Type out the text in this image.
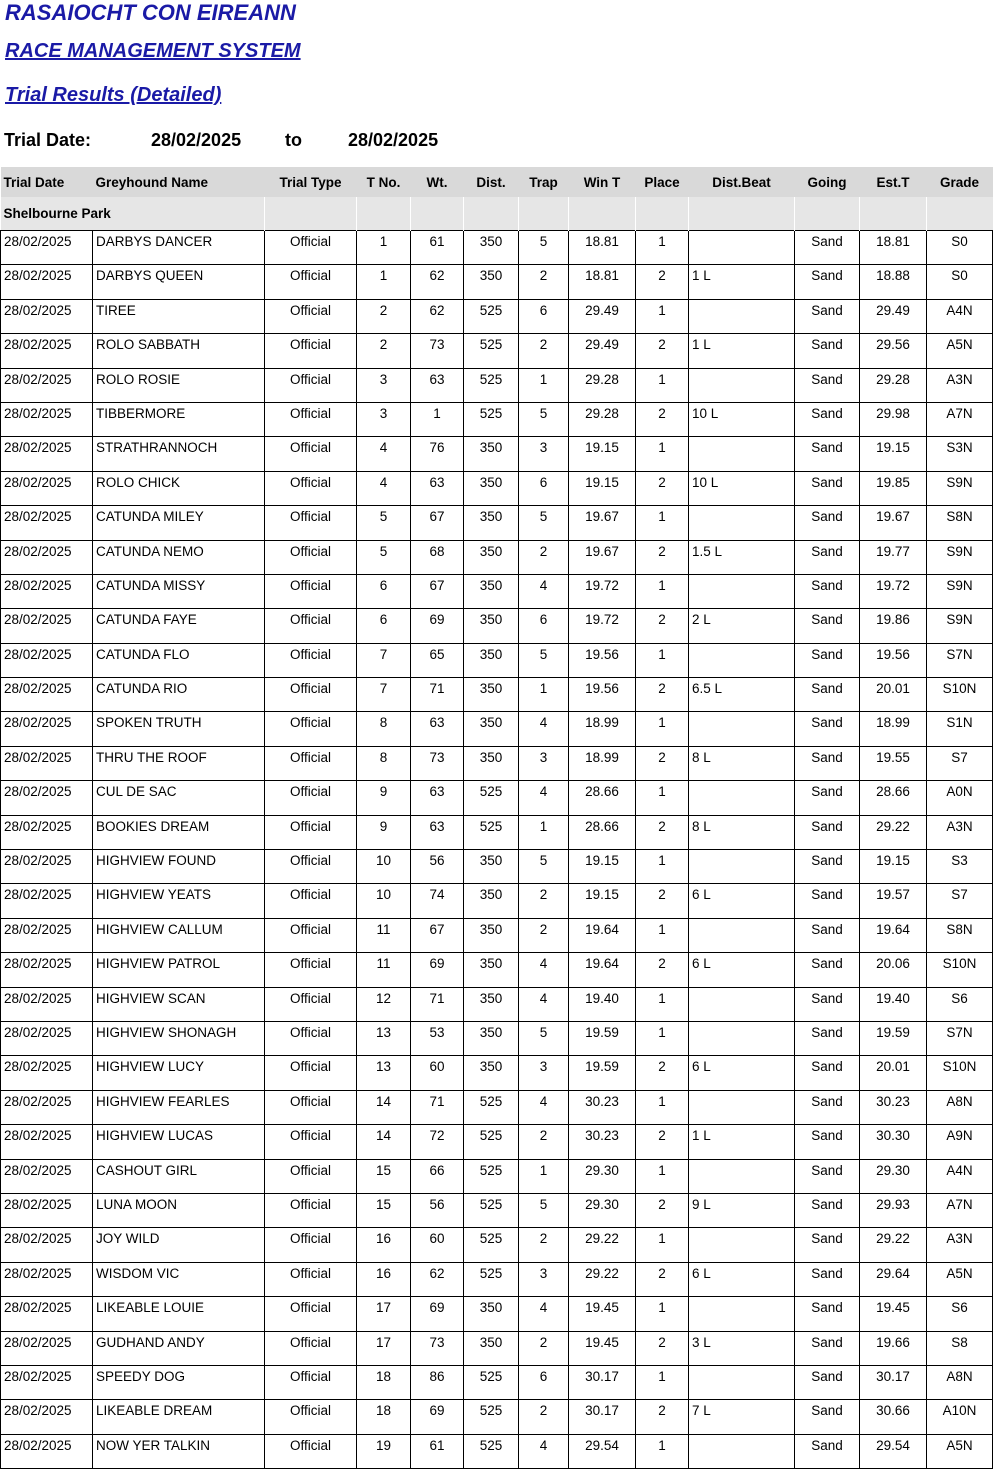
RASAIOCHT CON EIREANN
RACE MANAGEMENT SYSTEM
Trial Results (Detailed)
Trial Date:	28/02/2025 to	28/02/2025
Trial Date	Greyhound Name	Trial Type	T No.	Wt.	Dist.	Trap	Win T	Place	Dist.Beat	Going	Est.T	Grade
Shelbourne Park												
28/02/2025	DARBYS DANCER	Official	1	61	350	5	18.81	1		Sand	18.81	S0
28/02/2025	DARBYS QUEEN	Official	1	62	350	2	18.81	2	1 L	Sand	18.88	S0
28/02/2025	TIREE	Official	2	62	525	6	29.49	1		Sand	29.49	A4N
28/02/2025	ROLO SABBATH	Official	2	73	525	2	29.49	2	1 L	Sand	29.56	A5N
28/02/2025	ROLO ROSIE	Official	3	63	525	1	29.28	1		Sand	29.28	A3N
28/02/2025	TIBBERMORE	Official	3	1	525	5	29.28	2	10 L	Sand	29.98	A7N
28/02/2025	STRATHRANNOCH	Official	4	76	350	3	19.15	1		Sand	19.15	S3N
28/02/2025	ROLO CHICK	Official	4	63	350	6	19.15	2	10 L	Sand	19.85	S9N
28/02/2025	CATUNDA MILEY	Official	5	67	350	5	19.67	1		Sand	19.67	S8N
28/02/2025	CATUNDA NEMO	Official	5	68	350	2	19.67	2	1.5 L	Sand	19.77	S9N
28/02/2025	CATUNDA MISSY	Official	6	67	350	4	19.72	1		Sand	19.72	S9N
28/02/2025	CATUNDA FAYE	Official	6	69	350	6	19.72	2	2 L	Sand	19.86	S9N
28/02/2025	CATUNDA FLO	Official	7	65	350	5	19.56	1		Sand	19.56	S7N
28/02/2025	CATUNDA RIO	Official	7	71	350	1	19.56	2	6.5 L	Sand	20.01	S10N
28/02/2025	SPOKEN TRUTH	Official	8	63	350	4	18.99	1		Sand	18.99	S1N
28/02/2025	THRU THE ROOF	Official	8	73	350	3	18.99	2	8 L	Sand	19.55	S7
28/02/2025	CUL DE SAC	Official	9	63	525	4	28.66	1		Sand	28.66	A0N
28/02/2025	BOOKIES DREAM	Official	9	63	525	1	28.66	2	8 L	Sand	29.22	A3N
28/02/2025	HIGHVIEW FOUND	Official	10	56	350	5	19.15	1		Sand	19.15	S3
28/02/2025	HIGHVIEW YEATS	Official	10	74	350	2	19.15	2	6 L	Sand	19.57	S7
28/02/2025	HIGHVIEW CALLUM	Official	11	67	350	2	19.64	1		Sand	19.64	S8N
28/02/2025	HIGHVIEW PATROL	Official	11	69	350	4	19.64	2	6 L	Sand	20.06	S10N
28/02/2025	HIGHVIEW SCAN	Official	12	71	350	4	19.40	1		Sand	19.40	S6
28/02/2025	HIGHVIEW SHONAGH	Official	13	53	350	5	19.59	1		Sand	19.59	S7N
28/02/2025	HIGHVIEW LUCY	Official	13	60	350	3	19.59	2	6 L	Sand	20.01	S10N
28/02/2025	HIGHVIEW FEARLES	Official	14	71	525	4	30.23	1		Sand	30.23	A8N
28/02/2025	HIGHVIEW LUCAS	Official	14	72	525	2	30.23	2	1 L	Sand	30.30	A9N
28/02/2025	CASHOUT GIRL	Official	15	66	525	1	29.30	1		Sand	29.30	A4N
28/02/2025	LUNA MOON	Official	15	56	525	5	29.30	2	9 L	Sand	29.93	A7N
28/02/2025	JOY WILD	Official	16	60	525	2	29.22	1		Sand	29.22	A3N
28/02/2025	WISDOM VIC	Official	16	62	525	3	29.22	2	6 L	Sand	29.64	A5N
28/02/2025	LIKEABLE LOUIE	Official	17	69	350	4	19.45	1		Sand	19.45	S6
28/02/2025	GUDHAND ANDY	Official	17	73	350	2	19.45	2	3 L	Sand	19.66	S8
28/02/2025	SPEEDY DOG	Official	18	86	525	6	30.17	1		Sand	30.17	A8N
28/02/2025	LIKEABLE DREAM	Official	18	69	525	2	30.17	2	7 L	Sand	30.66	A10N
28/02/2025	NOW YER TALKIN	Official	19	61	525	4	29.54	1		Sand	29.54	A5N
